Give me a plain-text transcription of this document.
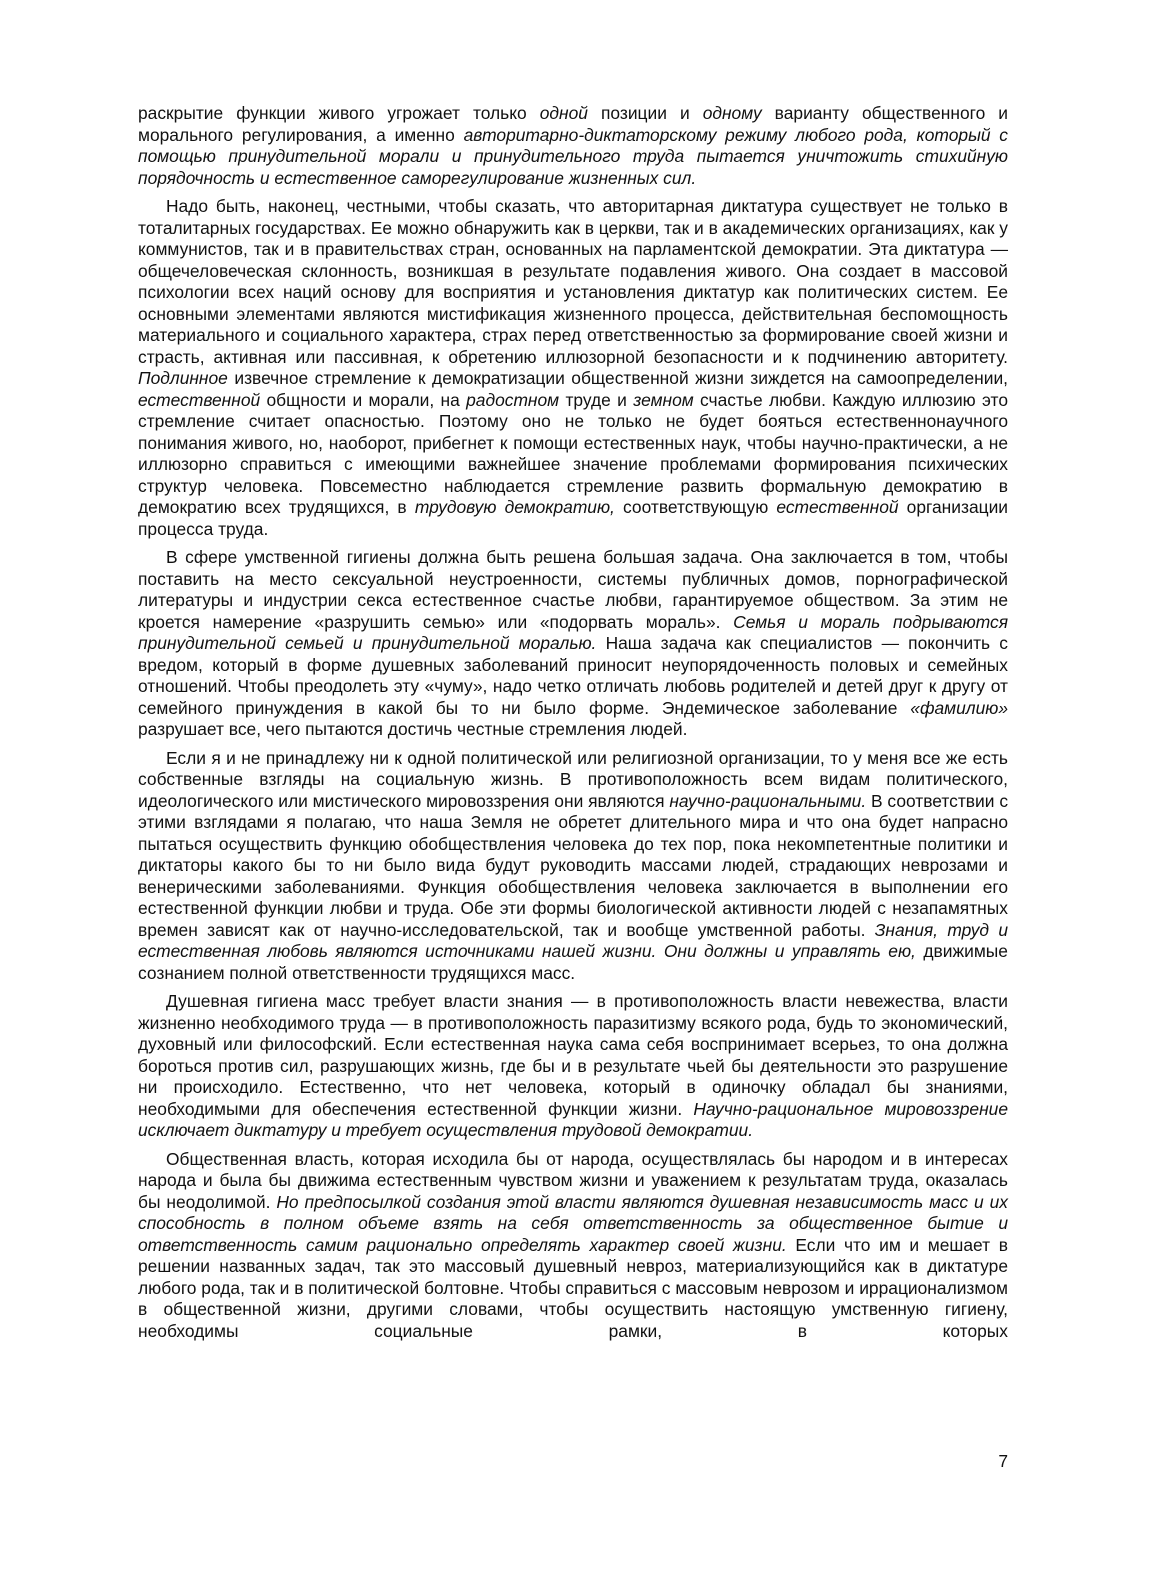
раскрытие функции живого угрожает только одной позиции и одному варианту общественного и морального регулирования, а именно авторитарно-диктаторскому режиму любого рода, который с помощью принудительной морали и принудительного труда пытается уничтожить стихийную порядочность и естественное саморегулирование жизненных сил.

Надо быть, наконец, честными, чтобы сказать, что авторитарная диктатура существует не только в тоталитарных государствах. Ее можно обнаружить как в церкви, так и в академических организациях, как у коммунистов, так и в правительствах стран, основанных на парламентской демократии. Эта диктатура — общечеловеческая склонность, возникшая в результате подавления живого. Она создает в массовой психологии всех наций основу для восприятия и установления диктатур как политических систем. Ее основными элементами являются мистификация жизненного процесса, действительная беспомощность материального и социального характера, страх перед ответственностью за формирование своей жизни и страсть, активная или пассивная, к обретению иллюзорной безопасности и к подчинению авторитету. Подлинное извечное стремление к демократизации общественной жизни зиждется на самоопределении, естественной общности и морали, на радостном труде и земном счастье любви. Каждую иллюзию это стремление считает опасностью. Поэтому оно не только не будет бояться естественнонаучного понимания живого, но, наоборот, прибегнет к помощи естественных наук, чтобы научно-практически, а не иллюзорно справиться с имеющими важнейшее значение проблемами формирования психических структур человека. Повсеместно наблюдается стремление развить формальную демократию в демократию всех трудящихся, в трудовую демократию, соответствующую естественной организации процесса труда.

В сфере умственной гигиены должна быть решена большая задача. Она заключается в том, чтобы поставить на место сексуальной неустроенности, системы публичных домов, порнографической литературы и индустрии секса естественное счастье любви, гарантируемое обществом. За этим не кроется намерение «разрушить семью» или «подорвать мораль». Семья и мораль подрываются принудительной семьей и принудительной моралью. Наша задача как специалистов — покончить с вредом, который в форме душевных заболеваний приносит неупорядоченность половых и семейных отношений. Чтобы преодолеть эту «чуму», надо четко отличать любовь родителей и детей друг к другу от семейного принуждения в какой бы то ни было форме. Эндемическое заболевание «фамилию» разрушает все, чего пытаются достичь честные стремления людей.

Если я и не принадлежу ни к одной политической или религиозной организации, то у меня все же есть собственные взгляды на социальную жизнь. В противоположность всем видам политического, идеологического или мистического мировоззрения они являются научно-рациональными. В соответствии с этими взглядами я полагаю, что наша Земля не обретет длительного мира и что она будет напрасно пытаться осуществить функцию обобществления человека до тех пор, пока некомпетентные политики и диктаторы какого бы то ни было вида будут руководить массами людей, страдающих неврозами и венерическими заболеваниями. Функция обобществления человека заключается в выполнении его естественной функции любви и труда. Обе эти формы биологической активности людей с незапамятных времен зависят как от научно-исследовательской, так и вообще умственной работы. Знания, труд и естественная любовь являются источниками нашей жизни. Они должны и управлять ею, движимые сознанием полной ответственности трудящихся масс.

Душевная гигиена масс требует власти знания — в противоположность власти невежества, власти жизненно необходимого труда — в противоположность паразитизму всякого рода, будь то экономический, духовный или философский. Если естественная наука сама себя воспринимает всерьез, то она должна бороться против сил, разрушающих жизнь, где бы и в результате чьей бы деятельности это разрушение ни происходило. Естественно, что нет человека, который в одиночку обладал бы знаниями, необходимыми для обеспечения естественной функции жизни. Научно-рациональное мировоззрение исключает диктатуру и требует осуществления трудовой демократии.

Общественная власть, которая исходила бы от народа, осуществлялась бы народом и в интересах народа и была бы движима естественным чувством жизни и уважением к результатам труда, оказалась бы неодолимой. Но предпосылкой создания этой власти являются душевная независимость масс и их способность в полном объеме взять на себя ответственность за общественное бытие и ответственность самим рационально определять характер своей жизни. Если что им и мешает в решении названных задач, так это массовый душевный невроз, материализующийся как в диктатуре любого рода, так и в политической болтовне. Чтобы справиться с массовым неврозом и иррационализмом в общественной жизни, другими словами, чтобы осуществить настоящую умственную гигиену, необходимы социальные рамки, в которых

7
